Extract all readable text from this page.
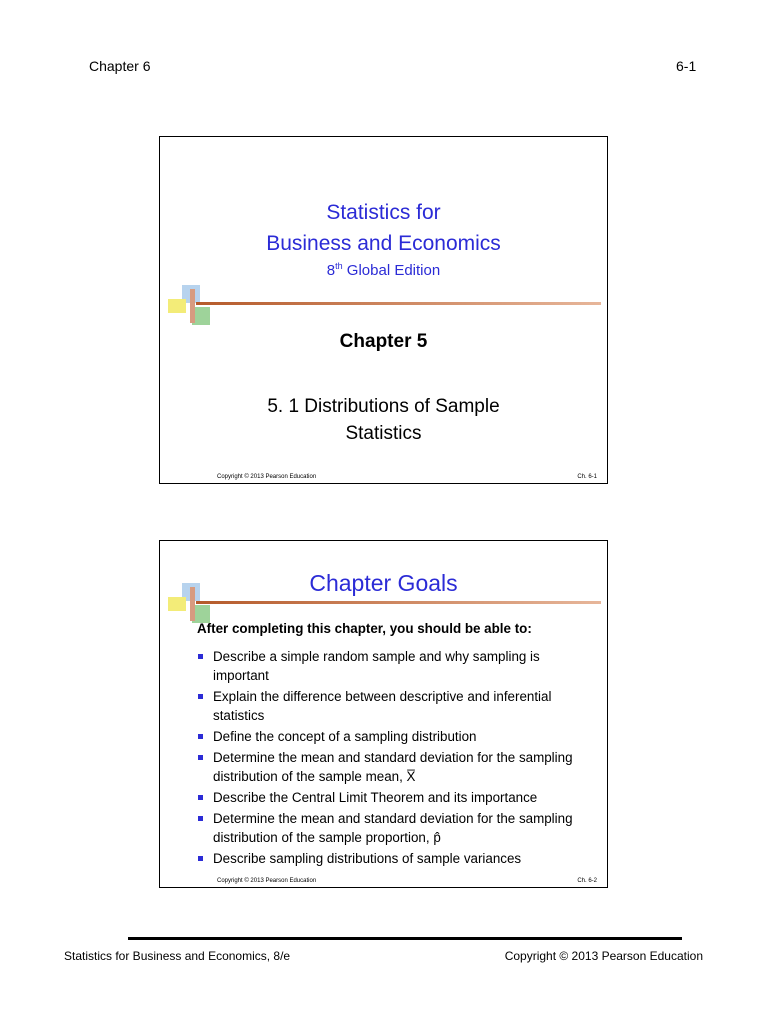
Chapter 6	6-1
Statistics for
Business and Economics
8th Global Edition
Chapter 5
5. 1 Distributions of Sample
Statistics
Copyright © 2013 Pearson Education	Ch. 6-1
Chapter Goals
After completing this chapter, you should be able to:
Describe a simple random sample and why sampling is important
Explain the difference between descriptive and inferential statistics
Define the concept of a sampling distribution
Determine the mean and standard deviation for the sampling distribution of the sample mean, X̅
Describe the Central Limit Theorem and its importance
Determine the mean and standard deviation for the sampling distribution of the sample proportion, p̂
Describe sampling distributions of sample variances
Copyright © 2013 Pearson Education	Ch. 6-2
Statistics for Business and Economics, 8/e	Copyright © 2013 Pearson Education
